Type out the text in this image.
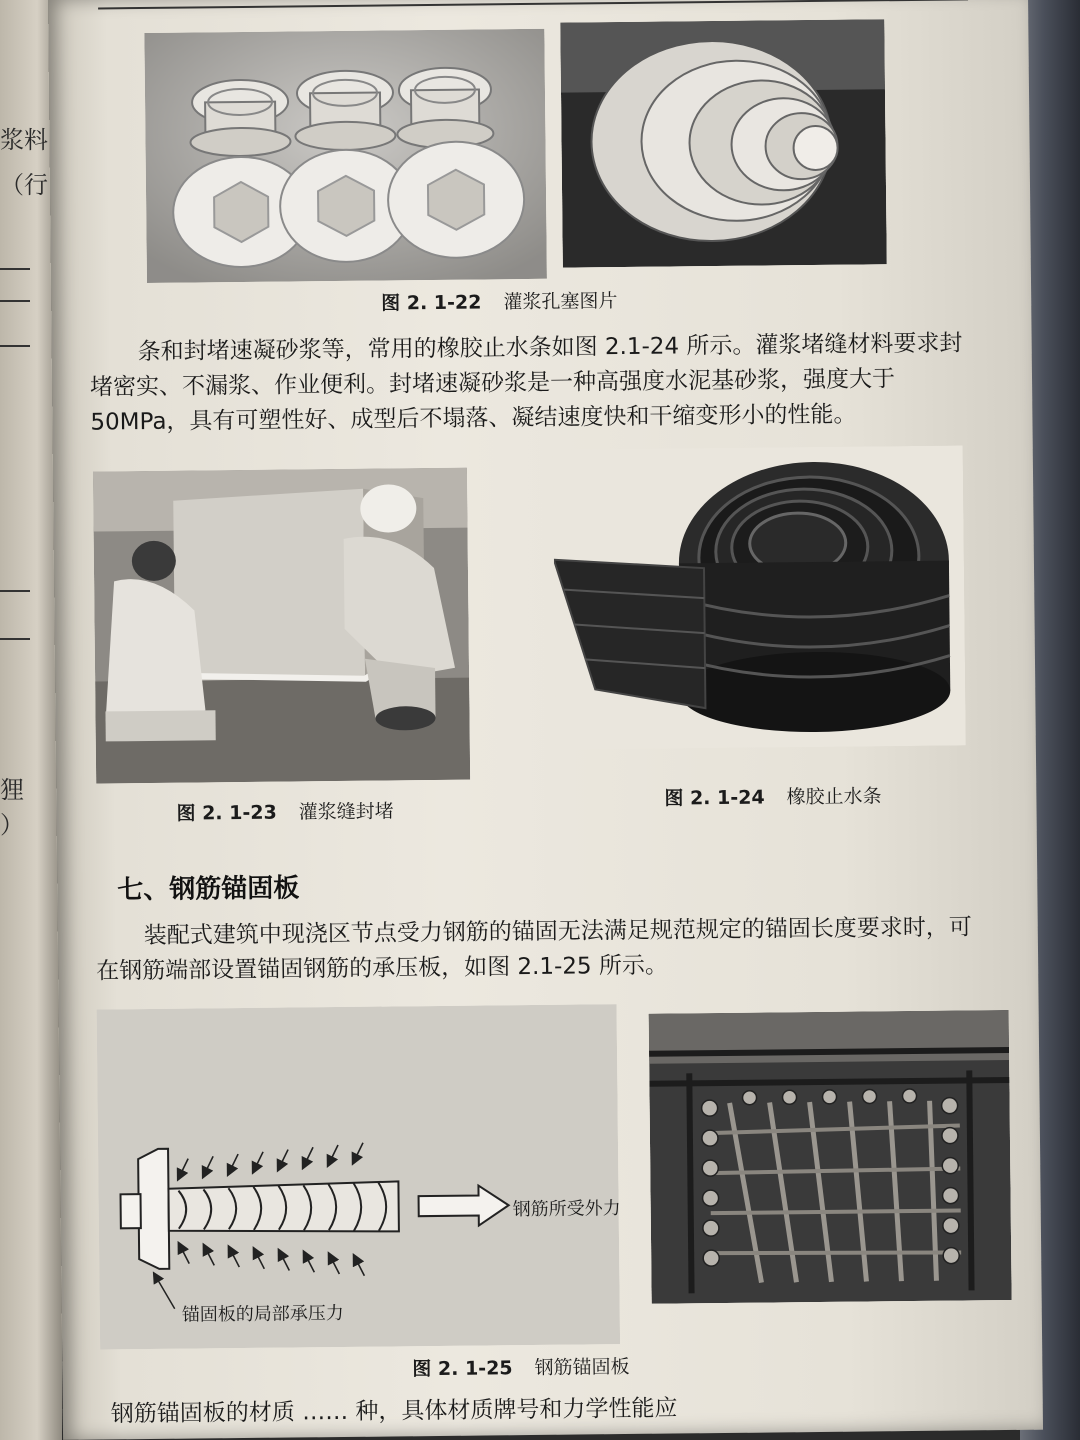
浆料
（行
狸
）
图 2. 1-22 灌浆孔塞图片
条和封堵速凝砂浆等，常用的橡胶止水条如图 2.1-24 所示。灌浆堵缝材料要求封堵密实、不漏浆、作业便利。封堵速凝砂浆是一种高强度水泥基砂浆，强度大于 50MPa，具有可塑性好、成型后不塌落、凝结速度快和干缩变形小的性能。
图 2. 1-23 灌浆缝封堵
图 2. 1-24 橡胶止水条
七、钢筋锚固板
装配式建筑中现浇区节点受力钢筋的锚固无法满足规范规定的锚固长度要求时，可在钢筋端部设置锚固钢筋的承压板，如图 2.1-25 所示。
钢筋所受外力
锚固板的局部承压力
图 2. 1-25 钢筋锚固板
钢筋锚固板的材质 …… 种，具体材质牌号和力学性能应
